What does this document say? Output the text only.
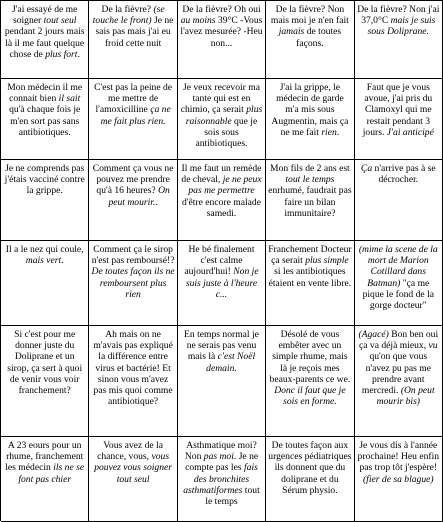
J'ai essayé de me soigner tout seul pendant 2 jours mais là il me faut quelque chose de plus fort.
De la fièvre? (se touche le front) Je ne sais pas mais j'ai eu froid cette nuit
De la fièvre? Oh oui au moins 39°C -Vous l'avez mesurée? -Heu non...
De la fièvre? Non mais moi je n'en fait jamais de toutes façons.
De la fièvre? Non j'ai 37,0°C mais je suis sous Doliprane.
Mon médecin il me connait bien il sait qu'à chaque fois je m'en sort pas sans antibiotiques.
C'est pas la peine de me mettre de l'amoxicilline ça ne me fait plus rien.
Je veux recevoir ma tante qui est en chimio, ça serait plus raisonnable que je sois sous antibiotiques.
J'ai la grippe, le médecin de garde m'a mis sous Augmentin, mais ça ne me fait rien.
Faut que je vous avoue, j'ai pris du Clamoxyl qui me restait pendant 3 jours. J'ai anticipé
Je ne comprends pas j'étais vacciné contre la grippe.
Comment ça vous ne pouvez me prendre qu'à 16 heures? On peut mourir..
Il me faut un remède de cheval, je ne peux pas me permettre d'être encore malade samedi.
Mon fils de 2 ans est tout le temps enrhumé, faudrait pas faire un bilan immunitaire?
Ça n'arrive pas à se décrocher.
Il a le nez qui coule, mais vert.
Comment ça le sirop n'est pas remboursé!? De toutes façon ils ne remboursent plus rien
He bé finalement c'est calme aujourd'hui! Non je suis juste à l'heure c...
Franchement Docteur ça serait plus simple si les antibiotiques étaient en vente libre.
(mime la scene de la mort de Marion Cotillard dans Batman) "ça me pique le fond de la gorge docteur"
Si c'est pour me donner juste du Doliprane et un sirop, ça sert à quoi de venir vous voir franchement?
Ah mais on ne m'avais pas expliqué la différence entre virus et bactérie! Et sinon vous m'avez pas mis quoi comme antibiotique?
En temps normal je ne serais pas venu mais là c'est Noël demain.
Désolé de vous embêter avec un simple rhume, mais là je reçois mes beaux-parents ce we. Donc il faut que je sois en forme.
(Agacé) Bon ben oui ça va déjà mieux, vu qu'on que vous n'avez pu pas me prendre avant mercredi. (On peut mourir bis)
A 23 eours pour un rhume, franchement les médecin ils ne se font pas chier
Vous avez de la chance, vous, vous pouvez vous soigner tout seul
Asthmatique moi? Non pas moi. Je ne compte pas les fais des bronchites asthmatiformes tout le temps
De toutes façon aux urgences pédiatriques ils donnent que du doliprane et du Sérum physio.
Je vous dis à l'année prochaine! Heu enfin pas trop tôt j'espère! (fier de sa blague)
